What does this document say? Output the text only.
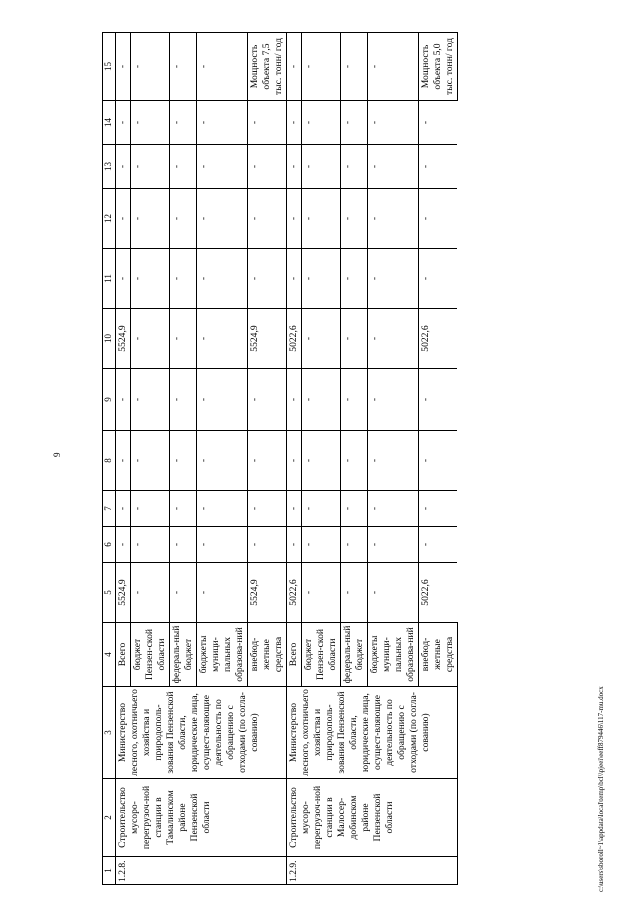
9
1	2	3	4	5	6	7	8	9	10	11	12	13	14	15
1.2.8.	Строительство мусоро-перегрузоч-ной станции в Тамалинском районе Пензенской области	Министерство лесного, охотничьего хозяйства и природополь-зования Пензенской области, юридические лица, осущест-вляющие деятельность по обращению с отходами (по согла-сованию)	Всего	5524,9	-	-	-	-	5524,9	-	-	-	-	-
			бюджет Пензен-ской области	-	-	-	-	-	-	-	-	-	-	-
			федераль-ный бюджет	-	-	-	-	-	-	-	-	-	-	-
			бюджеты муници-пальных образова-ний	-	-	-	-	-	-	-	-	-	-	-
			внебюд-жетные средства	5524,9	-	-	-	-	5524,9	-	-	-	-	Мощность объекта 7,5 тыс. тонн/ год
1.2.9.	Строительство мусоро-перегрузоч-ной станции в Малосер-добинском районе Пензенской области	Министерство лесного, охотничьего хозяйства и природополь-зования Пензенской области, юридические лица, осущест-вляющие деятельность по обращению с отходами (по согла-сованию)	Всего	5022,6	-	-	-	-	5022,6	-	-	-	-	-
			бюджет Пензен-ской области	-	-	-	-	-	-	-	-	-	-	-
			федераль-ный бюджет	-	-	-	-	-	-	-	-	-	-	-
			бюджеты муници-пальных образова-ний	-	-	-	-	-	-	-	-	-	-	-
			внебюд-жетные средства	5022,6	-	-	-	-	5022,6	-	-	-	-	Мощность объекта 5,0 тыс. тонн/ год
c:\users\sboroll~1\appdata\local\temp\bcl\\pjeei\eeff879446\117-mu.docx
